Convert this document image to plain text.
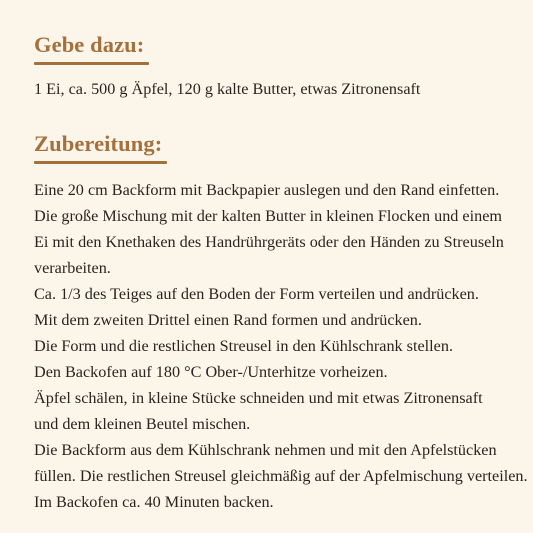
Gebe dazu:
1 Ei, ca. 500 g Äpfel, 120 g kalte Butter, etwas Zitronensaft
Zubereitung:
Eine 20 cm Backform mit Backpapier auslegen und den Rand einfetten.
Die große Mischung mit der kalten Butter in kleinen Flocken und einem
Ei mit den Knethaken des Handrührgeräts oder den Händen zu Streuseln
verarbeiten.
Ca. 1/3 des Teiges auf den Boden der Form verteilen und andrücken.
Mit dem zweiten Drittel einen Rand formen und andrücken.
Die Form und die restlichen Streusel in den Kühlschrank stellen.
Den Backofen auf 180 °C Ober-/Unterhitze vorheizen.
Äpfel schälen, in kleine Stücke schneiden und mit etwas Zitronensaft
und dem kleinen Beutel mischen.
Die Backform aus dem Kühlschrank nehmen und mit den Apfelstücken
füllen. Die restlichen Streusel gleichmäßig auf der Apfelmischung verteilen.
Im Backofen ca. 40 Minuten backen.
